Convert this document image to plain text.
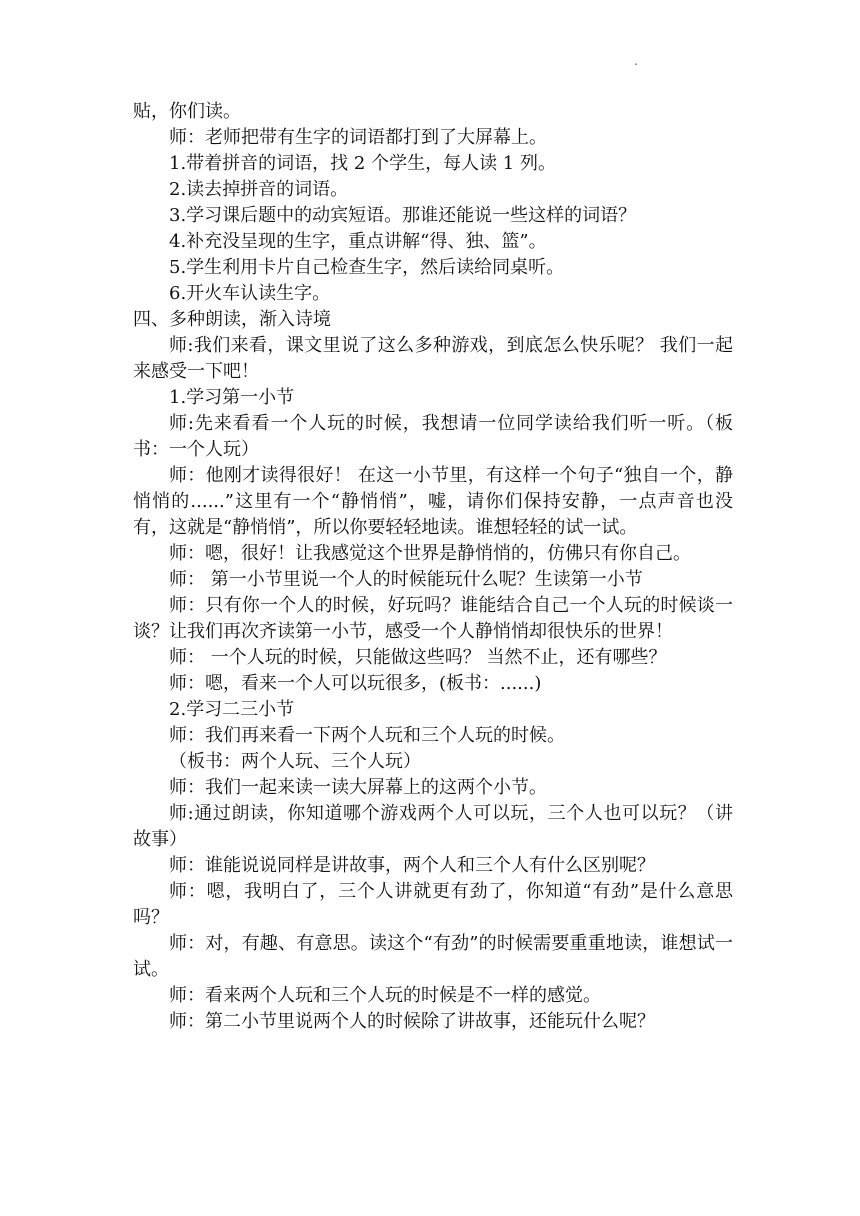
.

贴，你们读。

师：老师把带有生字的词语都打到了大屏幕上。

1.带着拼音的词语，找 2 个学生，每人读 1 列。

2.读去掉拼音的词语。

3.学习课后题中的动宾短语。那谁还能说一些这样的词语？

4.补充没呈现的生字，重点讲解“得、独、篮”。

5.学生利用卡片自己检查生字，然后读给同桌听。

6.开火车认读生字。

四、多种朗读，渐入诗境

师:我们来看，课文里说了这么多种游戏，到底怎么快乐呢？ 我们一起来感受一下吧！

1.学习第一小节

师:先来看看一个人玩的时候，我想请一位同学读给我们听一听。（板书：一个人玩）

师：他刚才读得很好！ 在这一小节里，有这样一个句子“独自一个，静悄悄的......”这里有一个“静悄悄”，嘘，请你们保持安静，一点声音也没有，这就是“静悄悄”，所以你要轻轻地读。谁想轻轻的试一试。

师：嗯，很好！让我感觉这个世界是静悄悄的，仿佛只有你自己。

师： 第一小节里说一个人的时候能玩什么呢？生读第一小节

师：只有你一个人的时候，好玩吗？谁能结合自己一个人玩的时候谈一谈？让我们再次齐读第一小节，感受一个人静悄悄却很快乐的世界！

师： 一个人玩的时候，只能做这些吗？ 当然不止，还有哪些？

师：嗯，看来一个人可以玩很多，(板书：......)

2.学习二三小节

师：我们再来看一下两个人玩和三个人玩的时候。

（板书：两个人玩、三个人玩）

师：我们一起来读一读大屏幕上的这两个小节。

师:通过朗读，你知道哪个游戏两个人可以玩，三个人也可以玩？（讲故事）

师：谁能说说同样是讲故事，两个人和三个人有什么区别呢？

师：嗯，我明白了，三个人讲就更有劲了，你知道“有劲”是什么意思吗？

师：对，有趣、有意思。读这个“有劲”的时候需要重重地读，谁想试一试。

师：看来两个人玩和三个人玩的时候是不一样的感觉。

师：第二小节里说两个人的时候除了讲故事，还能玩什么呢？
